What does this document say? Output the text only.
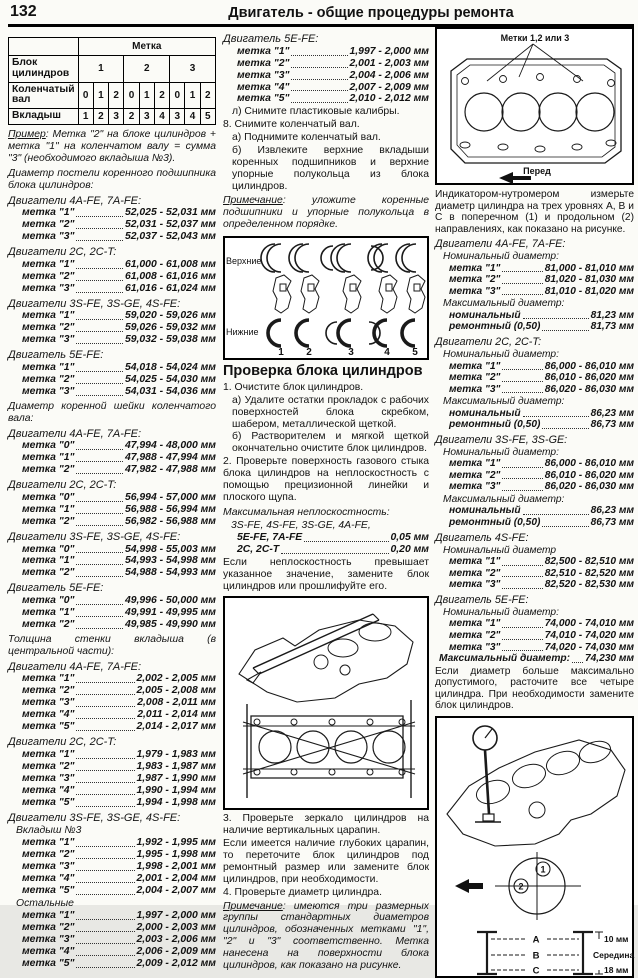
132	Двигатель - общие процедуры ремонта
	Метка								
Блок цилиндров	1			2			3		
Коленчатый вал	0	1	2	0	1	2	0	1	2
Вкладыш	1	2	3	2	3	4	3	4	5
Пример: Метка "2" на блоке цилиндров + метка "1" на коленчатом валу = сумма "3" (необходимого вкладыша №3).
Диаметр постели коренного подшипника блока цилиндров:
Двигатели 4A-FE, 7A-FE:
метка "1"	52,025 - 52,031 мм
метка "2"	52,031 - 52,037 мм
метка "3"	52,037 - 52,043 мм
Двигатели 2C, 2C-T:
метка "1"	61,000 - 61,008 мм
метка "2"	61,008 - 61,016 мм
метка "3"	61,016 - 61,024 мм
Двигатели 3S-FE, 3S-GE, 4S-FE:
метка "1"	59,020 - 59,026 мм
метка "2"	59,026 - 59,032 мм
метка "3"	59,032 - 59,038 мм
Двигатель 5E-FE:
метка "1"	54,018 - 54,024 мм
метка "2"	54,025 - 54,030 мм
метка "3"	54,031 - 54,036 мм
Диаметр коренной шейки коленчатого вала:
Двигатели 4A-FE, 7A-FE:
метка "0"	47,994 - 48,000 мм
метка "1"	47,988 - 47,994 мм
метка "2"	47,982 - 47,988 мм
Двигатели 2C, 2C-T:
метка "0"	56,994 - 57,000 мм
метка "1"	56,988 - 56,994 мм
метка "2"	56,982 - 56,988 мм
Двигатели 3S-FE, 3S-GE, 4S-FE:
метка "0"	54,998 - 55,003 мм
метка "1"	54,993 - 54,998 мм
метка "2"	54,988 - 54,993 мм
Двигатель 5E-FE:
метка "0"	49,996 - 50,000 мм
метка "1"	49,991 - 49,995 мм
метка "2"	49,985 - 49,990 мм
Толщина стенки вкладыша (в центральной части):
Двигатели 4A-FE, 7A-FE:
метка "1"	2,002 - 2,005 мм
метка "2"	2,005 - 2,008 мм
метка "3"	2,008 - 2,011 мм
метка "4"	2,011 - 2,014 мм
метка "5"	2,014 - 2,017 мм
Двигатели 2C, 2C-T:
метка "1"	1,979 - 1,983 мм
метка "2"	1,983 - 1,987 мм
метка "3"	1,987 - 1,990 мм
метка "4"	1,990 - 1,994 мм
метка "5"	1,994 - 1,998 мм
Двигатели 3S-FE, 3S-GE, 4S-FE:
Вкладыш №3
метка "1"	1,992 - 1,995 мм
метка "2"	1,995 - 1,998 мм
метка "3"	1,998 - 2,001 мм
метка "4"	2,001 - 2,004 мм
метка "5"	2,004 - 2,007 мм
Остальные
метка "1"	1,997 - 2,000 мм
метка "2"	2,000 - 2,003 мм
метка "3"	2,003 - 2,006 мм
метка "4"	2,006 - 2,009 мм
метка "5"	2,009 - 2,012 мм
Двигатель 5E-FE:
метка "1"	1,997 - 2,000 мм
метка "2"	2,001 - 2,003 мм
метка "3"	2,004 - 2,006 мм
метка "4"	2,007 - 2,009 мм
метка "5"	2,010 - 2,012 мм
л) Снимите пластиковые калибры.
8. Снимите коленчатый вал.
а) Поднимите коленчатый вал.
б) Извлеките верхние вкладыши коренных подшипников и верхние упорные полукольца из блока цилиндров.
Примечание: уложите коренные подшипники и упорные полукольца в определенном порядке.
Верхние
Нижние
1 2	3	4 5
Проверка блока цилиндров
1. Очистите блок цилиндров.
а) Удалите остатки прокладок с рабочих поверхностей блока скребком, шабером, металлической щеткой.
б) Растворителем и мягкой щеткой окончательно очистите блок цилиндров.
2. Проверьте поверхность газового стыка блока цилиндров на неплоскостность с помощью прецизионной линейки и плоского щупа.
Максимальная неплоскостность:
3S-FE, 4S-FE, 3S-GE, 4A-FE,
5E-FE, 7A-FE	0,05 мм
2C, 2C-T	0,20 мм
Если неплоскостность превышает указанное значение, замените блок цилиндров или прошлифуйте его.
3. Проверьте зеркало цилиндров на наличие вертикальных царапин.
Если имеется наличие глубоких царапин, то переточите блок цилиндров под ремонтный размер или замените блок цилиндров, при необходимости.
4. Проверьте диаметр цилиндра.
Примечание: имеются три размерных группы стандартных диаметров цилиндров, обозначенных метками "1", "2" и "3" соответственно. Метка нанесена на поверхности блока цилиндров, как показано на рисунке.
Метки 1,2 или 3
Перед
Индикатором-нутромером измерьте диаметр цилиндра на трех уровнях А, В и С в поперечном (1) и продольном (2) направлениях, как показано на рисунке.
Двигатели 4A-FE, 7A-FE:
Номинальный диаметр:
метка "1"	81,000 - 81,010 мм
метка "2"	81,020 - 81,030 мм
метка "3"	81,010 - 81,020 мм
Максимальный диаметр:
номинальный	81,23 мм
ремонтный (0,50)	81,73 мм
Двигатели 2C, 2C-T:
Номинальный диаметр:
метка "1"	86,000 - 86,010 мм
метка "2"	86,010 - 86,020 мм
метка "3"	86,020 - 86,030 мм
Максимальный диаметр:
номинальный	86,23 мм
ремонтный (0,50)	86,73 мм
Двигатели 3S-FE, 3S-GE:
Номинальный диаметр:
метка "1"	86,000 - 86,010 мм
метка "2"	86,010 - 86,020 мм
метка "3"	86,020 - 86,030 мм
Максимальный диаметр:
номинальный	86,23 мм
ремонтный (0,50)	86,73 мм
Двигатель 4S-FE:
Номинальный диаметр
метка "1"	82,500 - 82,510 мм
метка "2"	82,510 - 82,520 мм
метка "3"	82,520 - 82,530 мм
Двигатель 5E-FE:
Номинальный диаметр:
метка "1"	74,000 - 74,010 мм
метка "2"	74,010 - 74,020 мм
метка "3"	74,020 - 74,030 мм
Максимальный диаметр: 74,230 мм
Если диаметр больше максимально допустимого, расточите все четыре цилиндра. При необходимости замените блок цилиндров.
1
2
A
B
C
10 мм
Середина
18 мм
